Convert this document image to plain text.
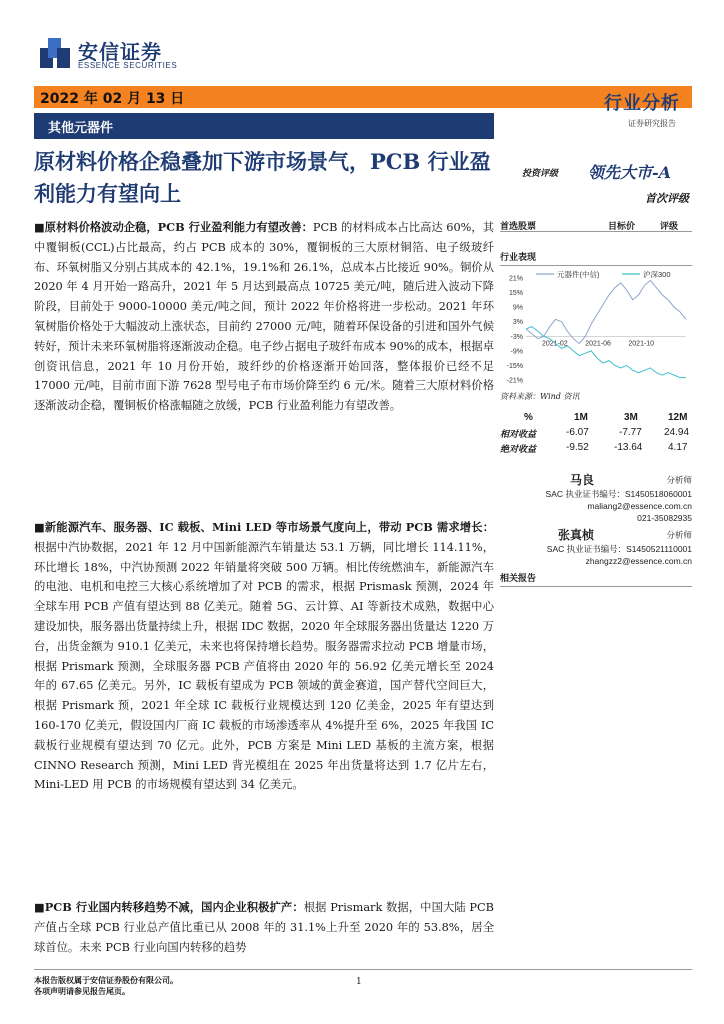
安信证券
ESSENCE SECURITIES
2022 年 02 月 13 日
其他元器件
行业分析
证券研究报告
原材料价格企稳叠加下游市场景气，PCB 行业盈利能力有望向上
投资评级 领先大市-A
首次评级
首选股票	目标价	评级
行业表现
元器件(中信)	沪深300
21%
15%
9%
3%
-3%
-9%
-15%
-21%
2021-02 2021-06 2021-10
资料来源：Wind 资讯
%	1M	3M	12M
相对收益	-6.07	-7.77 24.94
绝对收益	-9.52	-13.64	4.17
马良	分析师
SAC 执业证书编号：S1450518060001
maliang2@essence.com.cn
021-35082935
张真桢	分析师
SAC 执业证书编号：S1450521110001
zhangzz2@essence.com.cn
相关报告
■原材料价格波动企稳，PCB 行业盈利能力有望改善：PCB 的材料成本占比高达 60%，其中覆铜板(CCL)占比最高，约占 PCB 成本的 30%，覆铜板的三大原材铜箔、电子级玻纤布、环氧树脂又分别占其成本的 42.1%，19.1%和 26.1%，总成本占比接近 90%。铜价从 2020 年 4 月开始一路高升，2021 年 5 月达到最高点 10725 美元/吨，随后进入波动下降阶段，目前处于 9000-10000 美元/吨之间，预计 2022 年价格将进一步松动。2021 年环氧树脂价格处于大幅波动上涨状态，目前约 27000 元/吨，随着环保设备的引进和国外气候转好，预计未来环氧树脂将逐渐波动企稳。电子纱占据电子玻纤布成本 90%的成本，根据卓创资讯信息，2021 年 10 月份开始，玻纤纱的价格逐渐开始回落，整体报价已经不足 17000 元/吨，目前市面下游 7628 型号电子布市场价降至约 6 元/米。随着三大原材料价格逐渐波动企稳，覆铜板价格涨幅随之放缓，PCB 行业盈利能力有望改善。
■新能源汽车、服务器、IC 载板、Mini LED 等市场景气度向上，带动 PCB 需求增长：根据中汽协数据，2021 年 12 月中国新能源汽车销量达 53.1 万辆，同比增长 114.11%，环比增长 18%，中汽协预测 2022 年销量将突破 500 万辆。相比传统燃油车，新能源汽车的电池、电机和电控三大核心系统增加了对 PCB 的需求，根据 Prismask 预测，2024 年全球车用 PCB 产值有望达到 88 亿美元。随着 5G、云计算、AI 等新技术成熟，数据中心建设加快，服务器出货量持续上升，根据 IDC 数据，2020 年全球服务器出货量达 1220 万台，出货金额为 910.1 亿美元，未来也将保持增长趋势。服务器需求拉动 PCB 增量市场，根据 Prismark 预测，全球服务器 PCB 产值将由 2020 年的 56.92 亿美元增长至 2024 年的 67.65 亿美元。另外，IC 载板有望成为 PCB 领域的黄金赛道，国产替代空间巨大，根据 Prismark 预，2021 年全球 IC 载板行业规模达到 120 亿美金，2025 年有望达到 160-170 亿美元，假设国内厂商 IC 载板的市场渗透率从 4%提升至 6%，2025 年我国 IC 载板行业规模有望达到 70 亿元。此外，PCB 方案是 Mini LED 基板的主流方案，根据 CINNO Research 预测，Mini LED 背光模组在 2025 年出货量将达到 1.7 亿片左右，Mini-LED 用 PCB 的市场规模有望达到 34 亿美元。
■PCB 行业国内转移趋势不减，国内企业积极扩产：根据 Prismark 数据，中国大陆 PCB 产值占全球 PCB 行业总产值比重已从 2008 年的 31.1%上升至 2020 年的 53.8%，居全球首位。未来 PCB 行业向国内转移的趋势
本报告版权属于安信证券股份有限公司。
各项声明请参见报告尾页。
1
